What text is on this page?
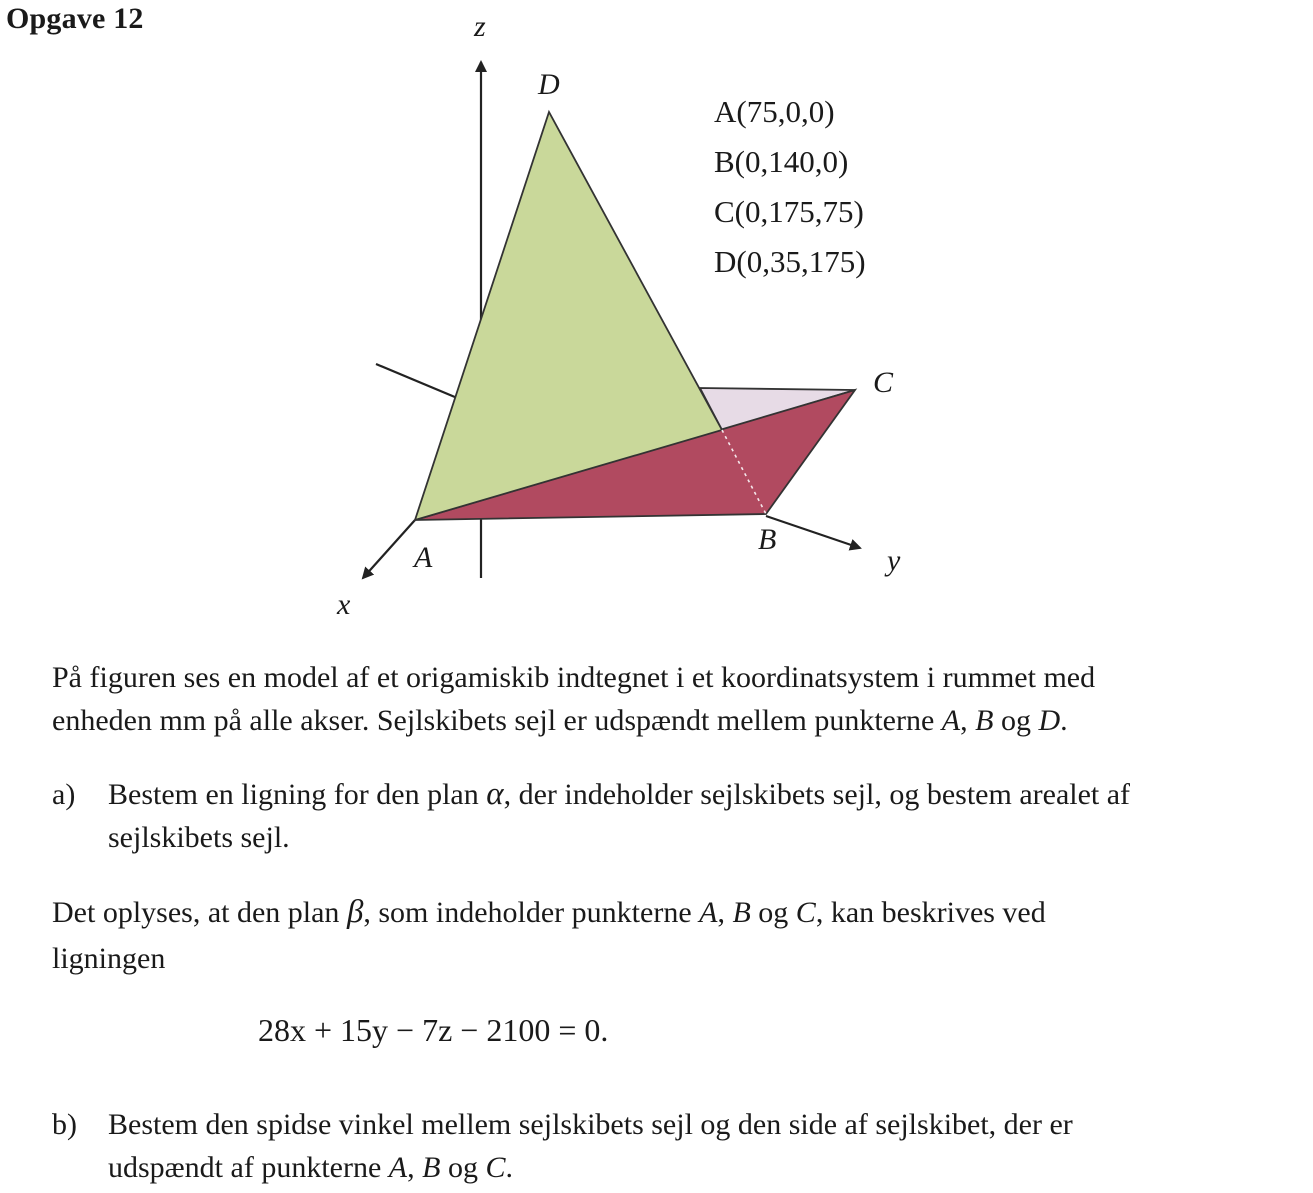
Opgave 12	z
x
y
D
C
B
A
A(75,0,0)
B(0,140,0)
C(0,175,75)
D(0,35,175)
På figuren ses en model af et origamiskib indtegnet i et koordinatsystem i rummet med
enheden mm på alle akser. Sejlskibets sejl er udspændt mellem punkterne A, B og D.
a) Bestem en ligning for den plan α, der indeholder sejlskibets sejl, og bestem arealet af
sejlskibets sejl.
Det oplyses, at den plan β, som indeholder punkterne A, B og C, kan beskrives ved
ligningen
28x + 15y − 7z − 2100 = 0.
b) Bestem den spidse vinkel mellem sejlskibets sejl og den side af sejlskibet, der er
udspændt af punkterne A, B og C.
